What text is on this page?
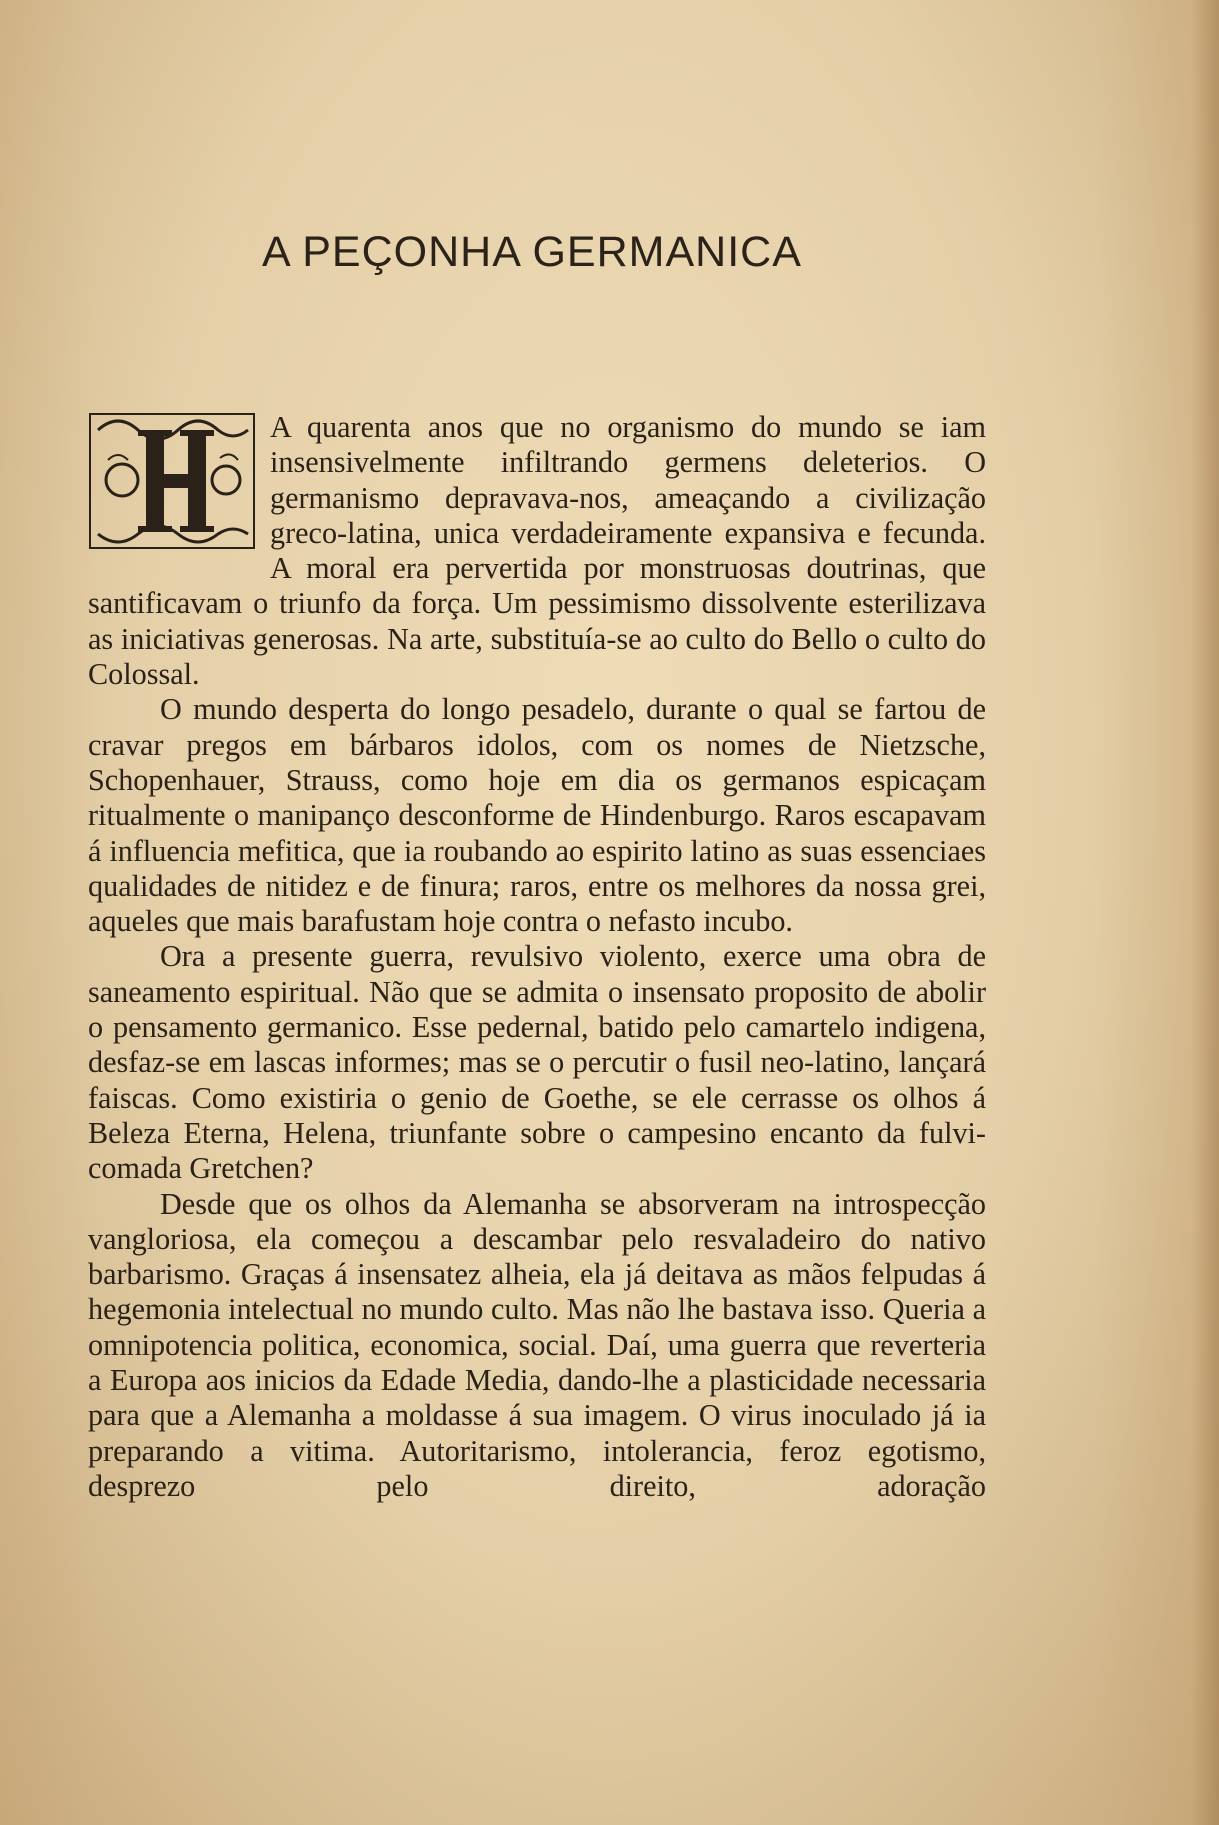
A PEÇONHA GERMANICA

A quarenta anos que no organismo do mundo se iam insensivelmente infiltrando germens deleterios. O germanismo depravava-nos, ameaçando a civilização greco-latina, unica verdadeiramente expansiva e fecunda. A moral era pervertida por monstruosas doutrinas, que santificavam o triunfo da força. Um pessimismo dissolvente esterilizava as iniciativas generosas. Na arte, substituía-se ao culto do Bello o culto do Colossal.

O mundo desperta do longo pesadelo, durante o qual se fartou de cravar pregos em bárbaros idolos, com os nomes de Nietzsche, Schopenhauer, Strauss, como hoje em dia os germanos espicaçam ritualmente o manipanço desconforme de Hindenburgo. Raros escapavam á influencia mefitica, que ia roubando ao espirito latino as suas essenciaes qualidades de nitidez e de finura; raros, entre os melhores da nossa grei, aqueles que mais barafustam hoje contra o nefasto incubo.

Ora a presente guerra, revulsivo violento, exerce uma obra de saneamento espiritual. Não que se admita o insensato proposito de abolir o pensamento germanico. Esse pedernal, batido pelo camartelo indigena, desfaz-se em lascas informes; mas se o percutir o fusil neo-latino, lançará faiscas. Como existiria o genio de Goethe, se ele cerrasse os olhos á Beleza Eterna, Helena, triunfante sobre o campesino encanto da fulvi-comada Gretchen?

Desde que os olhos da Alemanha se absorveram na introspecção vangloriosa, ela começou a descambar pelo resvaladeiro do nativo barbarismo. Graças á insensatez alheia, ela já deitava as mãos felpudas á hegemonia intelectual no mundo culto. Mas não lhe bastava isso. Queria a omnipotencia politica, economica, social. Daí, uma guerra que reverteria a Europa aos inicios da Edade Media, dando-lhe a plasticidade necessaria para que a Alemanha a moldasse á sua imagem. O virus inoculado já ia preparando a vitima. Autoritarismo, intolerancia, feroz egotismo, desprezo pelo direito, adoração
